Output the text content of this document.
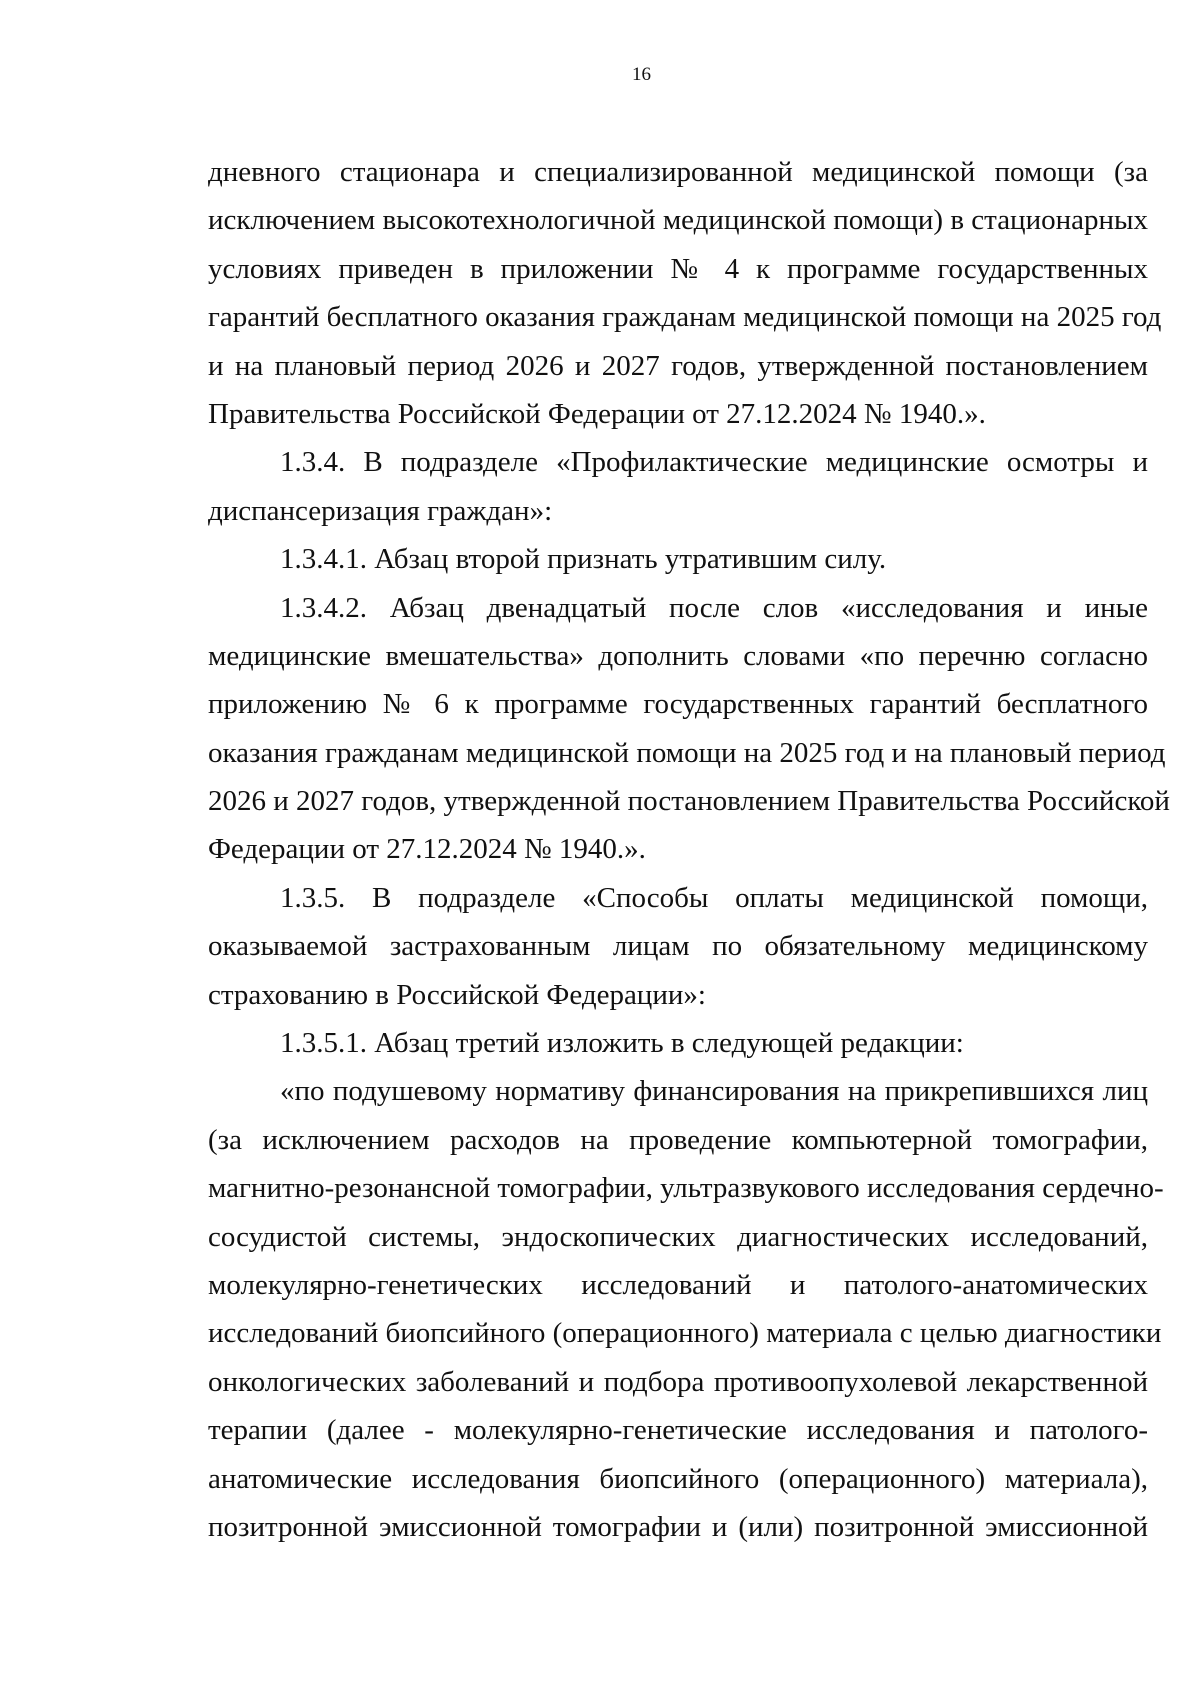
16
дневного стационара и специализированной медицинской помощи (за
исключением высокотехнологичной медицинской помощи) в стационарных
условиях приведен в приложении № 4 к программе государственных
гарантий бесплатного оказания гражданам медицинской помощи на 2025 год
и на плановый период 2026 и 2027 годов, утвержденной постановлением
Правительства Российской Федерации от 27.12.2024 № 1940.».
1.3.4. В подразделе «Профилактические медицинские осмотры и
диспансеризация граждан»:
1.3.4.1. Абзац второй признать утратившим силу.
1.3.4.2. Абзац двенадцатый после слов «исследования и иные
медицинские вмешательства» дополнить словами «по перечню согласно
приложению № 6 к программе государственных гарантий бесплатного
оказания гражданам медицинской помощи на 2025 год и на плановый период
2026 и 2027 годов, утвержденной постановлением Правительства Российской
Федерации от 27.12.2024 № 1940.».
1.3.5. В подразделе «Способы оплаты медицинской помощи,
оказываемой застрахованным лицам по обязательному медицинскому
страхованию в Российской Федерации»:
1.3.5.1. Абзац третий изложить в следующей редакции:
«по подушевому нормативу финансирования на прикрепившихся лиц
(за исключением расходов на проведение компьютерной томографии,
магнитно-резонансной томографии, ультразвукового исследования сердечно-
сосудистой системы, эндоскопических диагностических исследований,
молекулярно-генетических исследований и патолого-анатомических
исследований биопсийного (операционного) материала с целью диагностики
онкологических заболеваний и подбора противоопухолевой лекарственной
терапии (далее - молекулярно-генетические исследования и патолого-
анатомические исследования биопсийного (операционного) материала),
позитронной эмиссионной томографии и (или) позитронной эмиссионной
